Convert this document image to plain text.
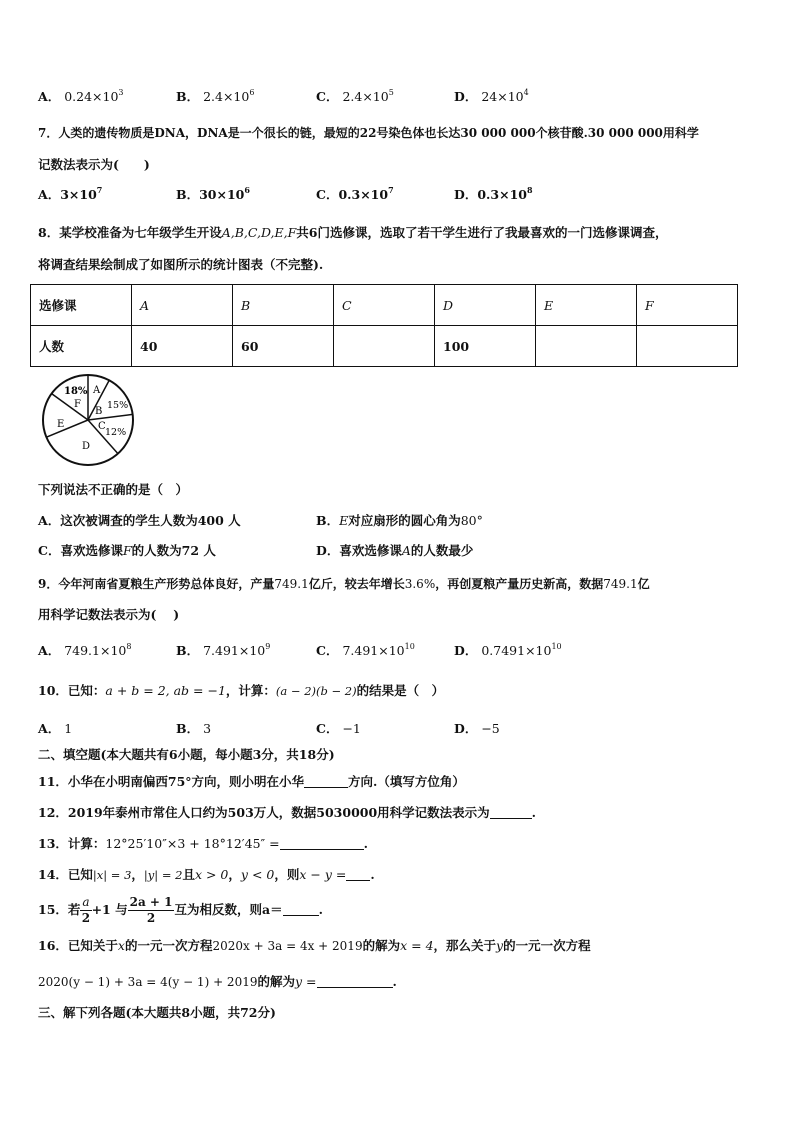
A． $0.24\times 10^3$	B． $2.4\times 10^6$	C． $2.4\times 10^5$	D． $24\times 10^4$
7．人类的遗传物质是DNA，DNA是一个很长的链，最短的22号染色体也长达30 000 000个核苷酸.30 000 000用科学
记数法表示为(　　)
A．$3\times 10^7$	B．$30\times 10^6$	C．$0.3\times 10^7$	D．$0.3\times 10^8$
8．某学校准备为七年级学生开设A,B,C,D,E,F共6门选修课，选取了若干学生进行了我最喜欢的一门选修课调查，
将调查结果绘制成了如图所示的统计图表（不完整).
选修课	A	B	C	D	E	F
人数	40	60		100		
18%
F
A
B
15%
C
12%
D
E
下列说法不正确的是（　）
A．这次被调查的学生人数为400 人	B．E对应扇形的圆心角为80°
C．喜欢选修课F的人数为72 人	D．喜欢选修课A的人数最少
9．今年河南省夏粮生产形势总体良好，产量749.1亿斤，较去年增长3.6%，再创夏粮产量历史新高，数据749.1亿
用科学记数法表示为(　 )
A． $749.1\times 10^8$	B． $7.491\times 10^9$	C． $7.491\times 10^{10}$	D． $0.7491\times 10^{10}$
10．已知：a + b = 2, ab = −1，计算：(a − 2)(b − 2)的结果是（　）
A． 1	B． 3	C． −1	D． −5
二、填空题(本大题共有6小题，每小题3分，共18分)
11．小华在小明南偏西75°方向，则小明在小华	方向.（填写方位角）
12．2019年泰州市常住人口约为503万人，数据5030000用科学记数法表示为	.
13．计算：12°25′10″×3 + 18°12′45″ =	.
14．已知|x| = 3，|y| = 2且x > 0，y < 0，则x − y = .
15．若 $\frac{a}{2} +1$ 与 $\frac{2a + 1}{2}$ 互为相反数，则a＝	.
16．已知关于x的一元一次方程2020x + 3a = 4x + 2019的解为x = 4，那么关于y的一元一次方程
2020(y − 1) + 3a = 4(y − 1) + 2019的解为y =	.
三、解下列各题(本大题共8小题，共72分)
